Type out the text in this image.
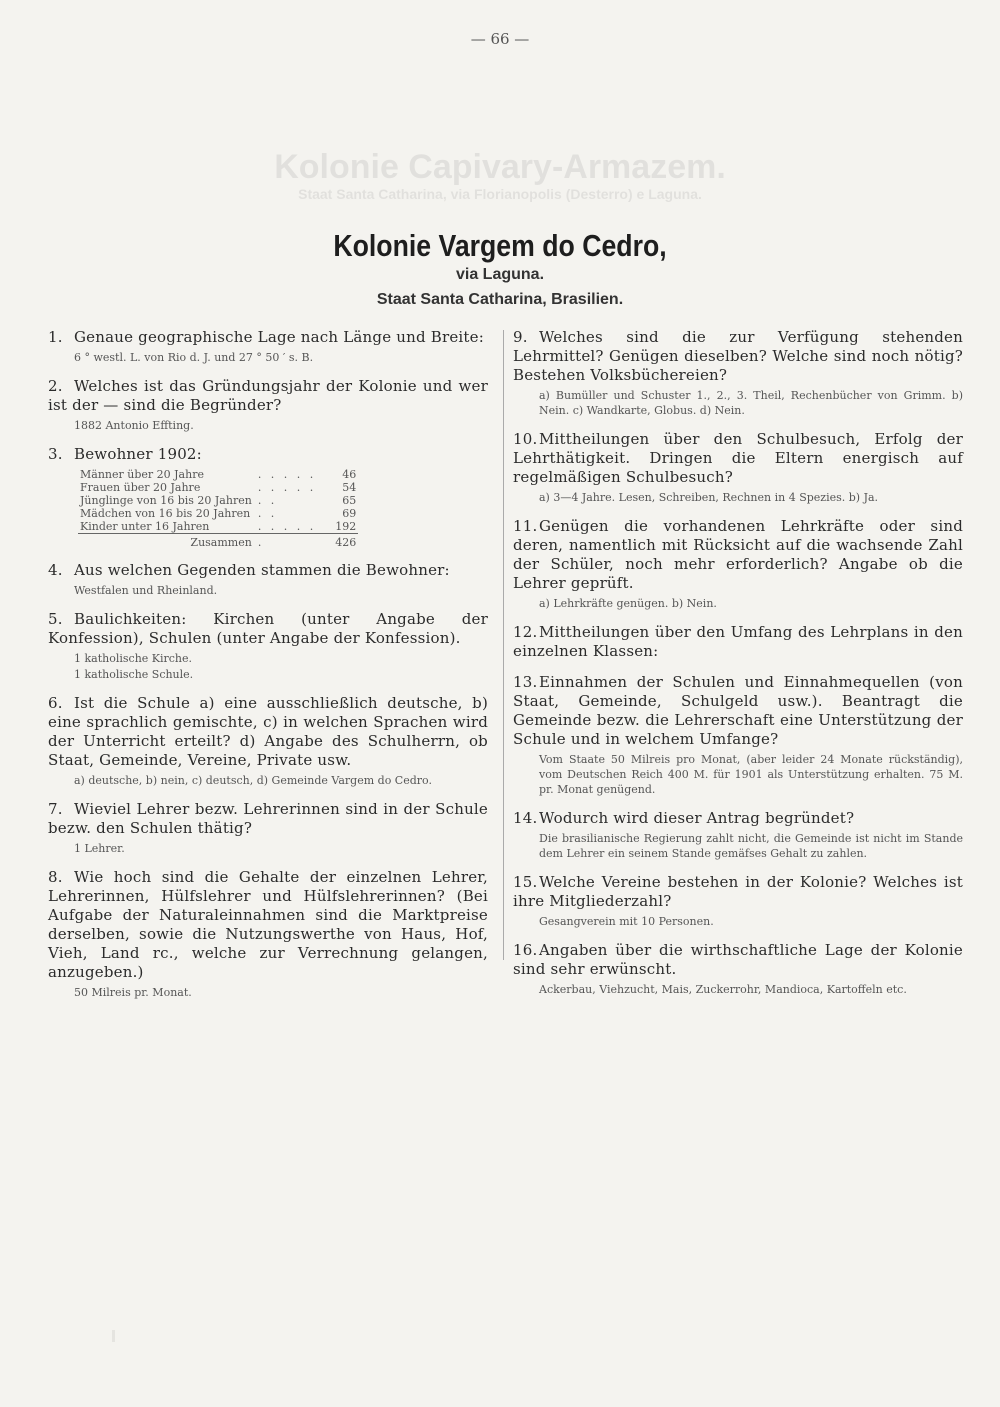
— 66 —
Kolonie Capivary-Armazem.
Staat Santa Catharina, via Florianopolis (Desterro) e Laguna.
Kolonie Vargem do Cedro,
via Laguna.
Staat Santa Catharina, Brasilien.
1. Genaue geographische Lage nach Länge und Breite:
6 ° westl. L. von Rio d. J. und 27 ° 50 ′ s. B.
2. Welches ist das Gründungsjahr der Kolonie und wer ist der — sind die Begründer?
1882 Antonio Effting.
3. Bewohner 1902:
Männer über 20 Jahre	. . . . .	46
Frauen über 20 Jahre	. . . . .	54
Jünglinge von 16 bis 20 Jahren	. .	65
Mädchen von 16 bis 20 Jahren	. .	69
Kinder unter 16 Jahren	. . . . .	192
Zusammen	.	426
4. Aus welchen Gegenden stammen die Bewohner:
Westfalen und Rheinland.
5. Baulichkeiten: Kirchen (unter Angabe der Konfession), Schulen (unter Angabe der Konfession).
1 katholische Kirche.
1 katholische Schule.
6. Ist die Schule a) eine ausschließlich deutsche, b) eine sprachlich gemischte, c) in welchen Sprachen wird der Unterricht erteilt? d) Angabe des Schulherrn, ob Staat, Gemeinde, Vereine, Private usw.
a) deutsche, b) nein, c) deutsch, d) Gemeinde Vargem do Cedro.
7. Wieviel Lehrer bezw. Lehrerinnen sind in der Schule bezw. den Schulen thätig?
1 Lehrer.
8. Wie hoch sind die Gehalte der einzelnen Lehrer, Lehrerinnen, Hülfslehrer und Hülfslehrerinnen? (Bei Aufgabe der Naturaleinnahmen sind die Marktpreise derselben, sowie die Nutzungswerthe von Haus, Hof, Vieh, Land rc., welche zur Verrechnung gelangen, anzugeben.)
50 Milreis pr. Monat.
9. Welches sind die zur Verfügung stehenden Lehrmittel? Genügen dieselben? Welche sind noch nötig? Bestehen Volksbüchereien?
a) Bumüller und Schuster 1., 2., 3. Theil, Rechenbücher von Grimm. b) Nein. c) Wandkarte, Globus. d) Nein.
10. Mittheilungen über den Schulbesuch, Erfolg der Lehrthätigkeit. Dringen die Eltern energisch auf regelmäßigen Schulbesuch?
a) 3—4 Jahre. Lesen, Schreiben, Rechnen in 4 Spezies. b) Ja.
11. Genügen die vorhandenen Lehrkräfte oder sind deren, namentlich mit Rücksicht auf die wachsende Zahl der Schüler, noch mehr erforderlich? Angabe ob die Lehrer geprüft.
a) Lehrkräfte genügen. b) Nein.
12. Mittheilungen über den Umfang des Lehrplans in den einzelnen Klassen:
13. Einnahmen der Schulen und Einnahmequellen (von Staat, Gemeinde, Schulgeld usw.). Beantragt die Gemeinde bezw. die Lehrerschaft eine Unterstützung der Schule und in welchem Umfange?
Vom Staate 50 Milreis pro Monat, (aber leider 24 Monate rückständig), vom Deutschen Reich 400 M. für 1901 als Unterstützung erhalten. 75 M. pr. Monat genügend.
14. Wodurch wird dieser Antrag begründet?
Die brasilianische Regierung zahlt nicht, die Gemeinde ist nicht im Stande dem Lehrer ein seinem Stande gemäfses Gehalt zu zahlen.
15. Welche Vereine bestehen in der Kolonie? Welches ist ihre Mitgliederzahl?
Gesangverein mit 10 Personen.
16. Angaben über die wirthschaftliche Lage der Kolonie sind sehr erwünscht.
Ackerbau, Viehzucht, Mais, Zuckerrohr, Mandioca, Kartoffeln etc.
